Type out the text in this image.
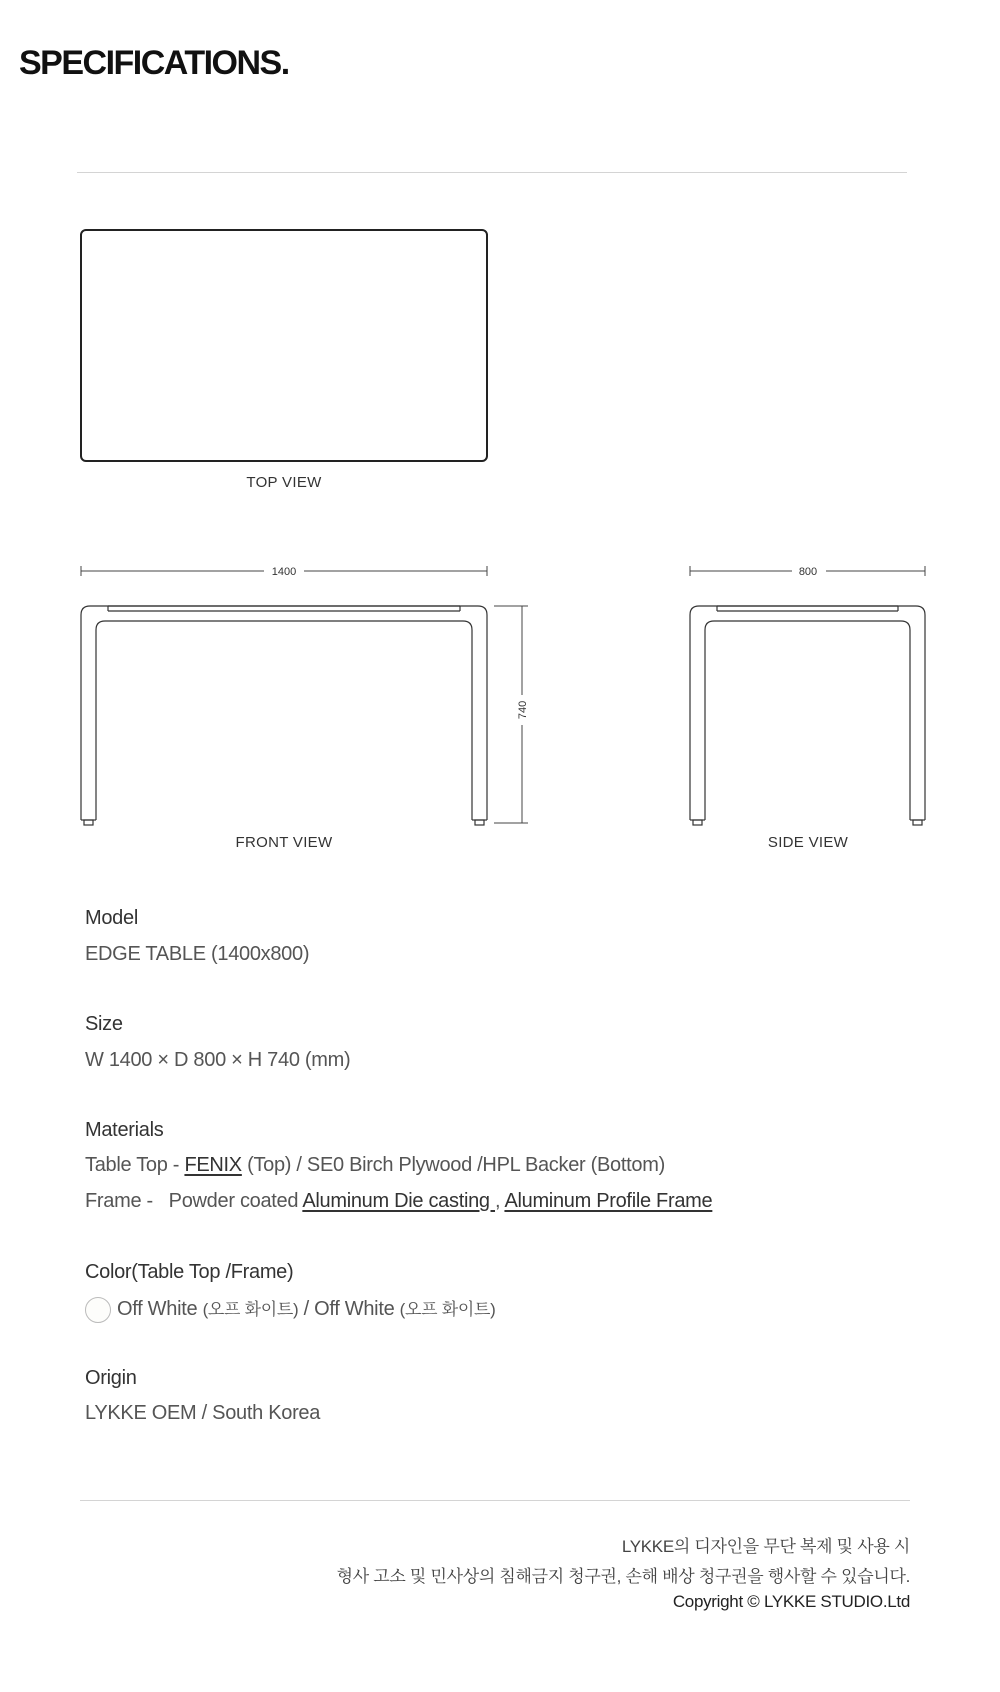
SPECIFICATIONS.
1400
740
800
TOP VIEW
FRONT VIEW	SIDE VIEW
Model
EDGE TABLE (1400x800)
Size
W 1400 × D 800 × H 740 (mm)
Materials
Table Top - FENIX (Top) / SE0 Birch Plywood /HPL Backer (Bottom)
Frame -   Powder coated Aluminum Die casting , Aluminum Profile Frame
Color(Table Top /Frame)
Off White (오프 화이트) / Off White (오프 화이트)
Origin
LYKKE OEM / South Korea
LYKKE의 디자인을 무단 복제 및 사용 시
형사 고소 및 민사상의 침해금지 청구권, 손해 배상 청구권을 행사할 수 있습니다.
Copyright © LYKKE STUDIO.Ltd
